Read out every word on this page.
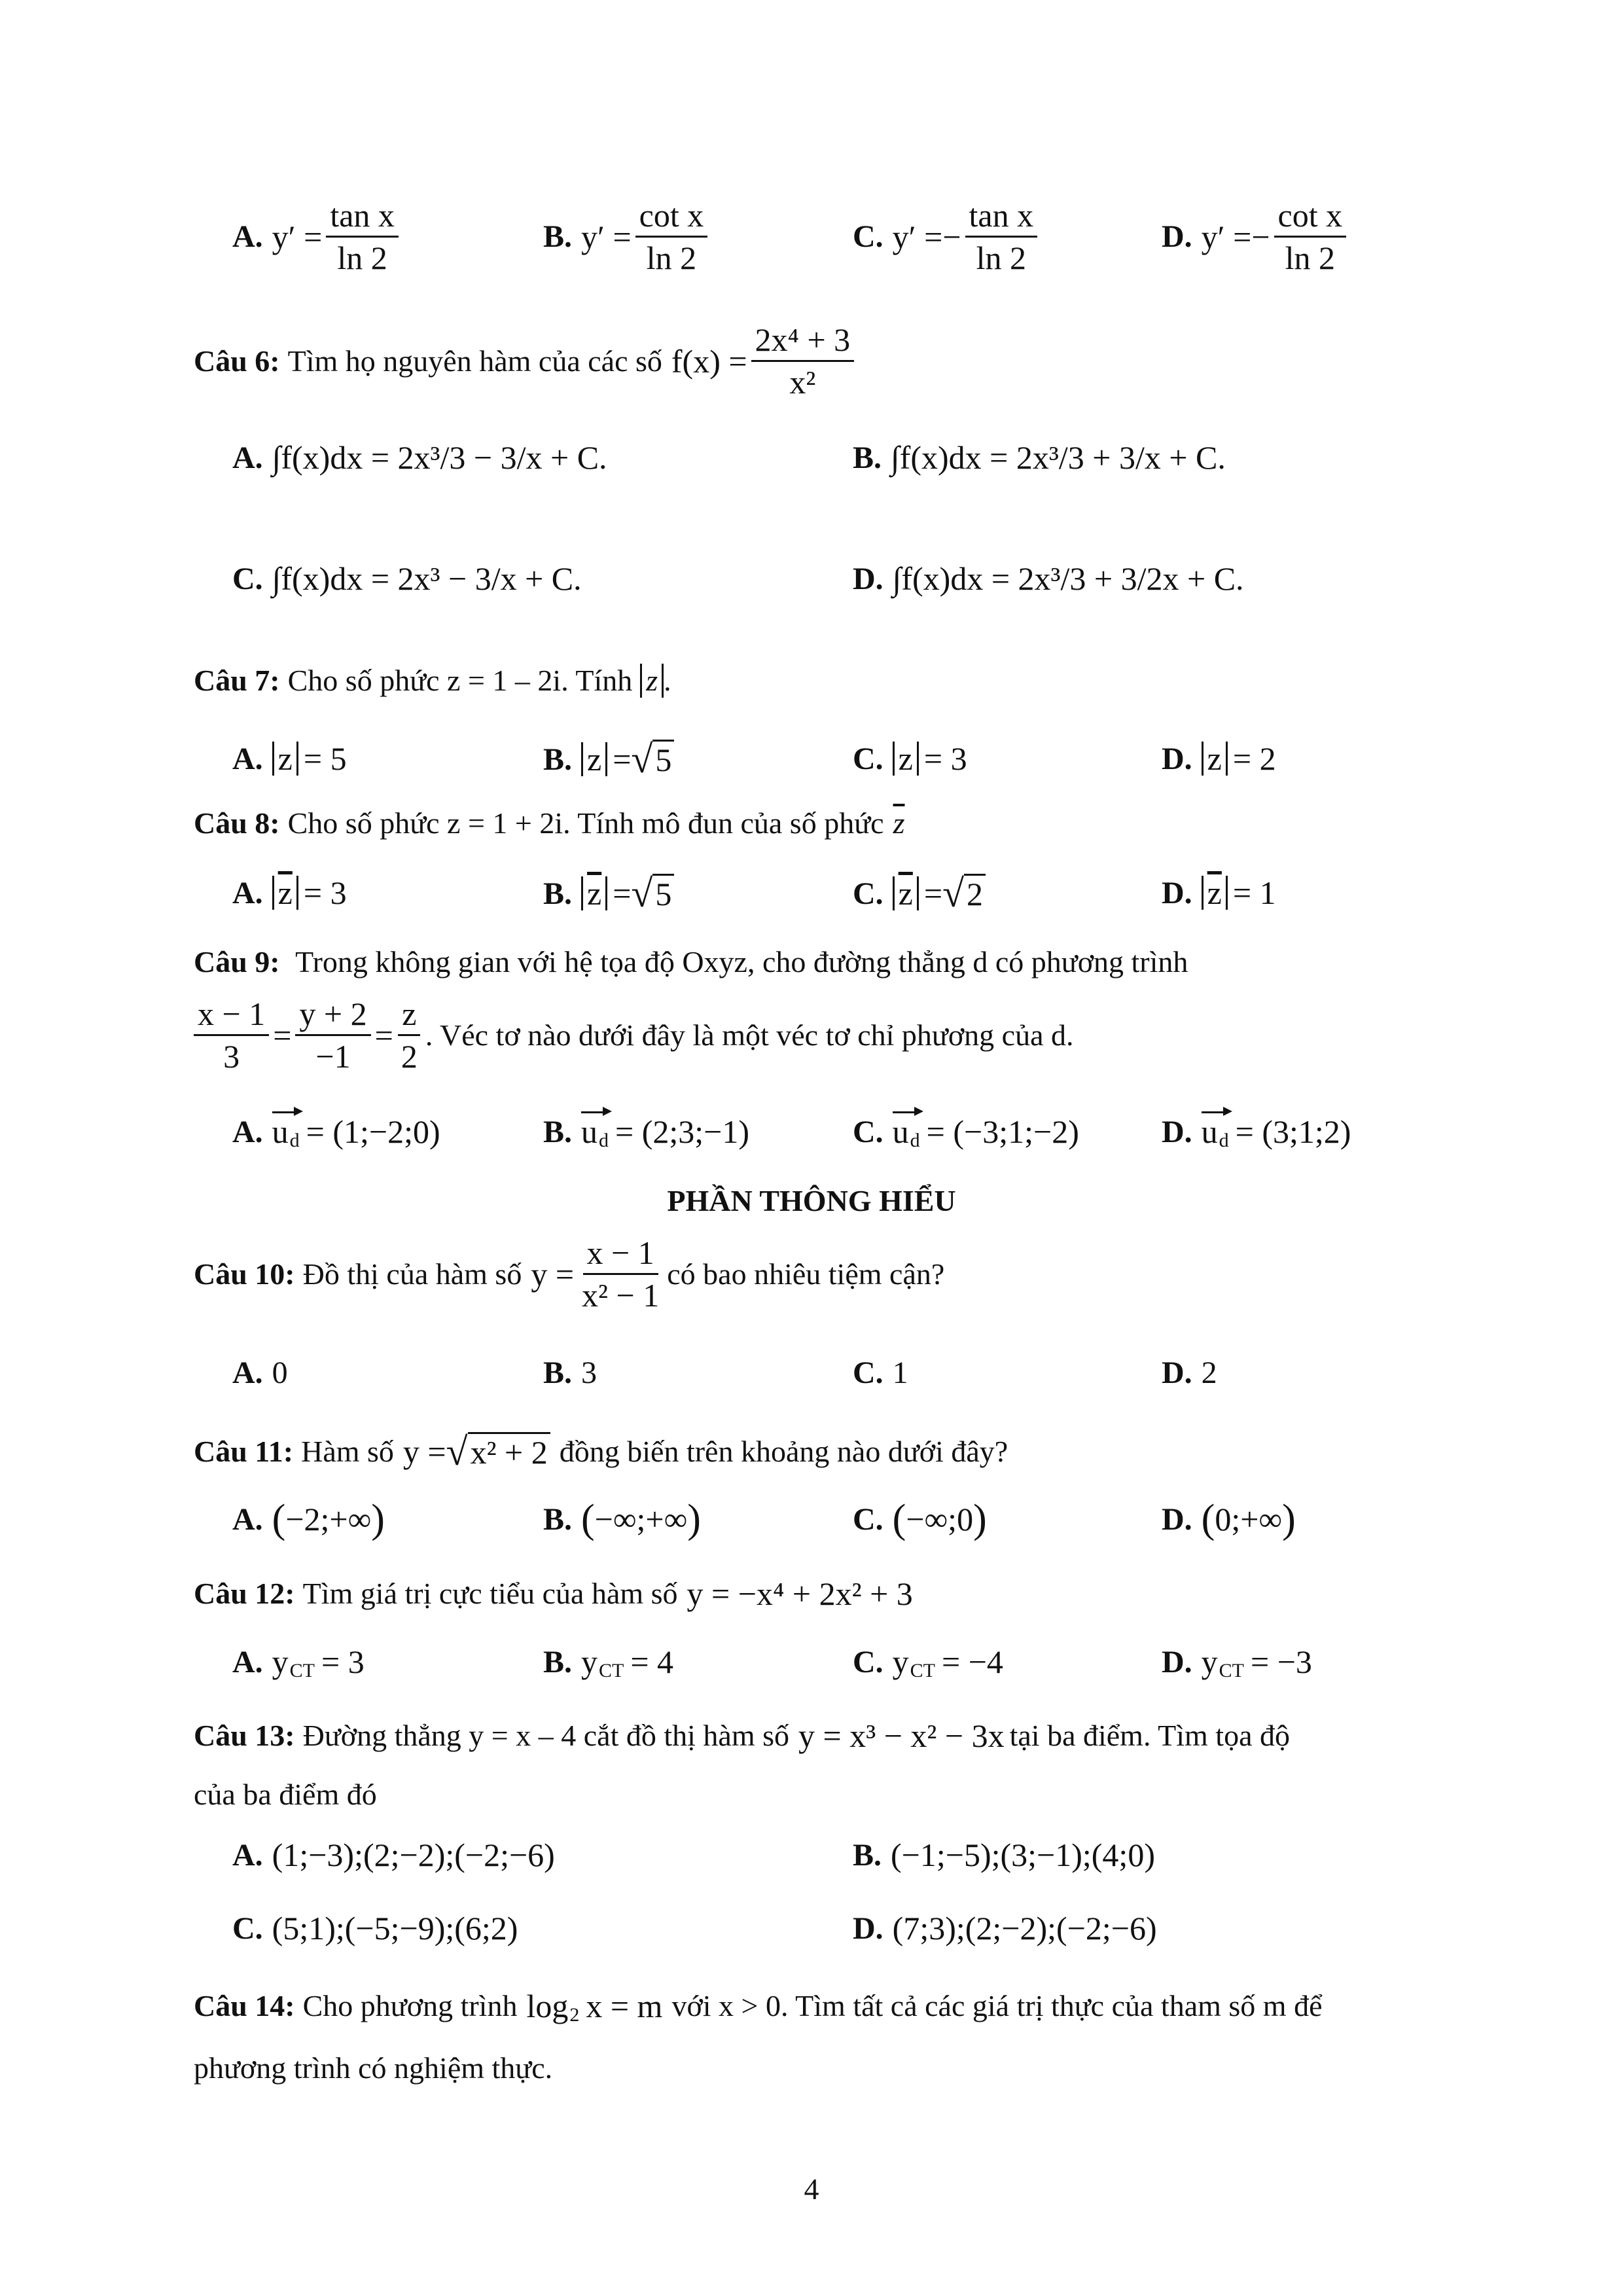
A. $y' = \frac{\text{tan x}}{\ln 2}$	B. $y' = \frac{\text{cot x}}{\ln 2}$	C. y′ = − $\frac{\text{tan x}}{\ln 2}$	D. y′ = − $\frac{\text{cot x}}{\ln 2}$
Câu 6: Tìm họ nguyên hàm của các số $f(x) = \frac{\text{2x⁴ + 3}}{\text{x²}}$
A. ∫f(x)dx = 2x³/3 − 3/x + C.	B. ∫f(x)dx = 2x³/3 + 3/x + C.
C. ∫f(x)dx = 2x³ − 3/x + C.	D. ∫f(x)dx = 2x³/3 + 3/2x + C.
Câu 7: Cho số phức z = 1 – 2i. Tính z .
A. z = 5	B. z = √ 5	C. z = 3	D. z = 2
Câu 8: Cho số phức z = 1 + 2i. Tính mô đun của số phức $\overline{z}$
A. $\overline{z} = 3$	B. $\overline{z}$ = √ 5	C. $\overline{z}$ = √ 2	D. $\overline{z} = 1$
Câu 9: Trong không gian với hệ tọa độ Oxyz, cho đường thẳng d có phương trình
$\frac{x - 1}{3} = \frac{y + 2}{-1} = \frac{z}{2}$ . Véc tơ nào dưới đây là một véc tơ chỉ phương của d.
A. u d = (1;−2;0)	B. u d = (2;3;−1)	C. u d = (−3;1;−2)	D. u d = (3;1;2)
PHẦN THÔNG HIỂU
Câu 10: Đồ thị của hàm số $y = \frac{x - 1}{\text{x² − 1}}$ có bao nhiêu tiệm cận?
A. 0	B. 3	C. 1	D. 2
Câu 11: Hàm số y = √ x² + 2 đồng biến trên khoảng nào dưới đây?
A. ( −2;+∞ )	B. ( −∞;+∞ )	C. ( −∞;0 )	D. ( 0;+∞ )
Câu 12: Tìm giá trị cực tiểu của hàm số y = −x⁴ + 2x² + 3
A. y CT = 3	B. y CT = 4	C. y CT = −4	D. y CT = −3
Câu 13: Đường thẳng y = x – 4 cắt đồ thị hàm số y = x³ − x² − 3x tại ba điểm. Tìm tọa độ
của ba điểm đó
A. (1;−3);(2;−2);(−2;−6)	B. (−1;−5);(3;−1);(4;0)
C. (5;1);(−5;−9);(6;2)	D. (7;3);(2;−2);(−2;−6)
Câu 14: Cho phương trình log 2 x = m với x > 0. Tìm tất cả các giá trị thực của tham số m để
phương trình có nghiệm thực.
4
